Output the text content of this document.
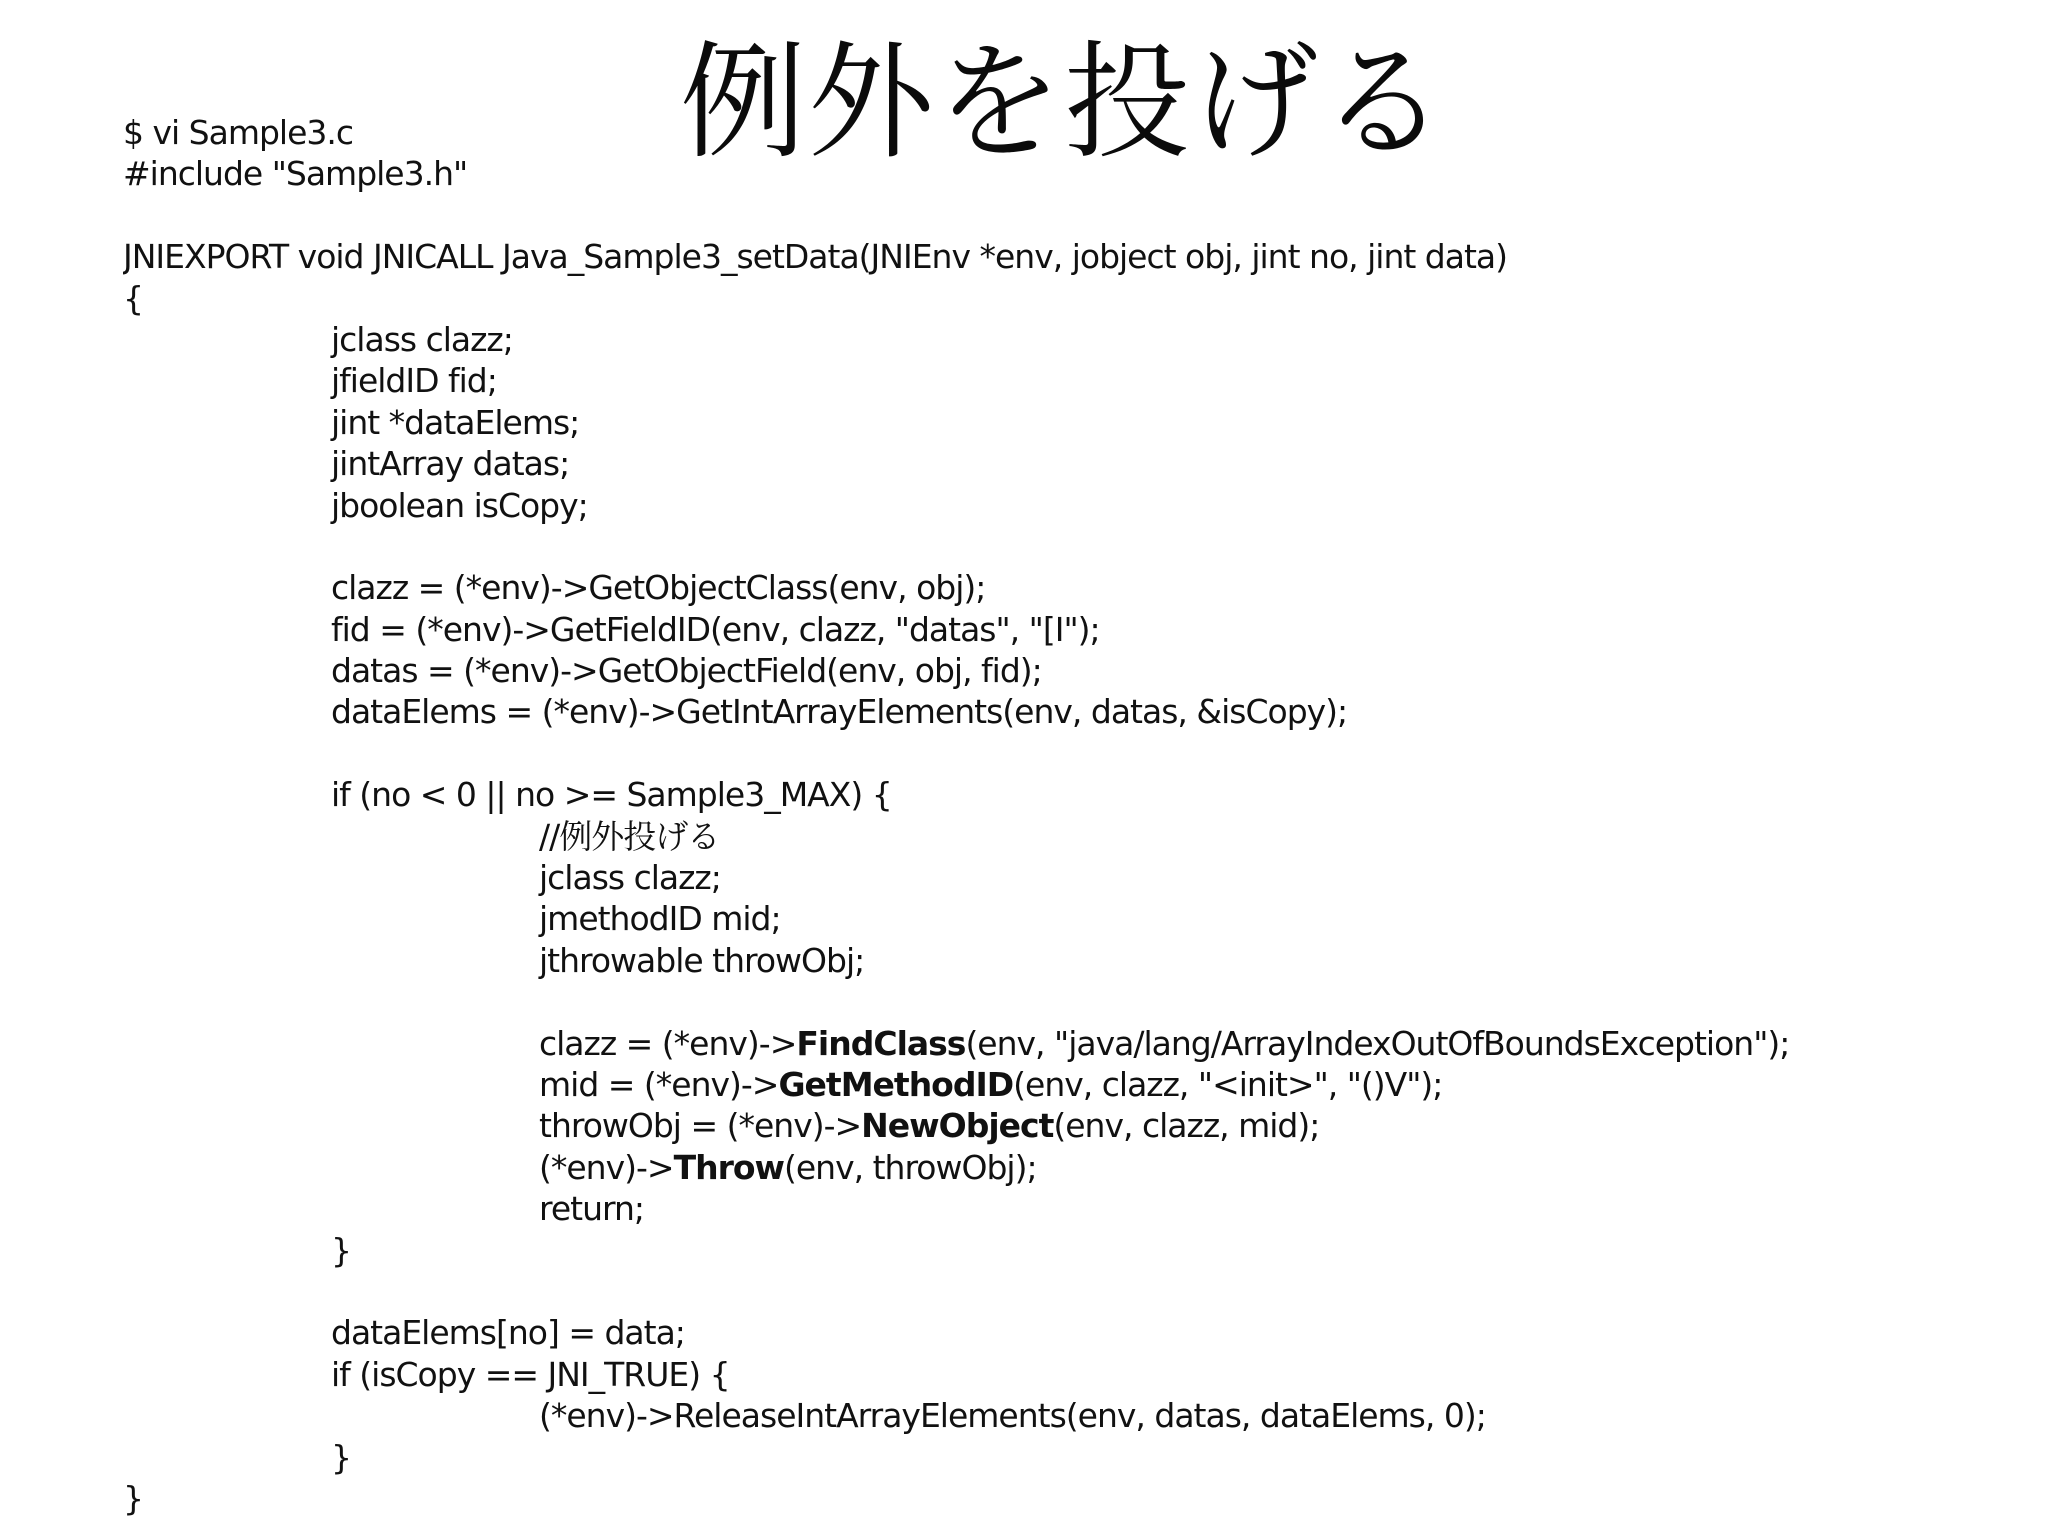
例外を投げる
$ vi Sample3.c
#include "Sample3.h"
JNIEXPORT void JNICALL Java_Sample3_setData(JNIEnv *env, jobject obj, jint no, jint data)
{
jclass clazz;
jfieldID fid;
jint *dataElems;
jintArray datas;
jboolean isCopy;
clazz = (*env)->GetObjectClass(env, obj);
fid = (*env)->GetFieldID(env, clazz, "datas", "[I");
datas = (*env)->GetObjectField(env, obj, fid);
dataElems = (*env)->GetIntArrayElements(env, datas, &isCopy);
if (no < 0 || no >= Sample3_MAX) {
//例外投げる
jclass clazz;
jmethodID mid;
jthrowable throwObj;
clazz = (*env)->FindClass(env, "java/lang/ArrayIndexOutOfBoundsException");
mid = (*env)->GetMethodID(env, clazz, "<init>", "()V");
throwObj = (*env)->NewObject(env, clazz, mid);
(*env)->Throw(env, throwObj);
return;
}
dataElems[no] = data;
if (isCopy == JNI_TRUE) {
(*env)->ReleaseIntArrayElements(env, datas, dataElems, 0);
}
}
